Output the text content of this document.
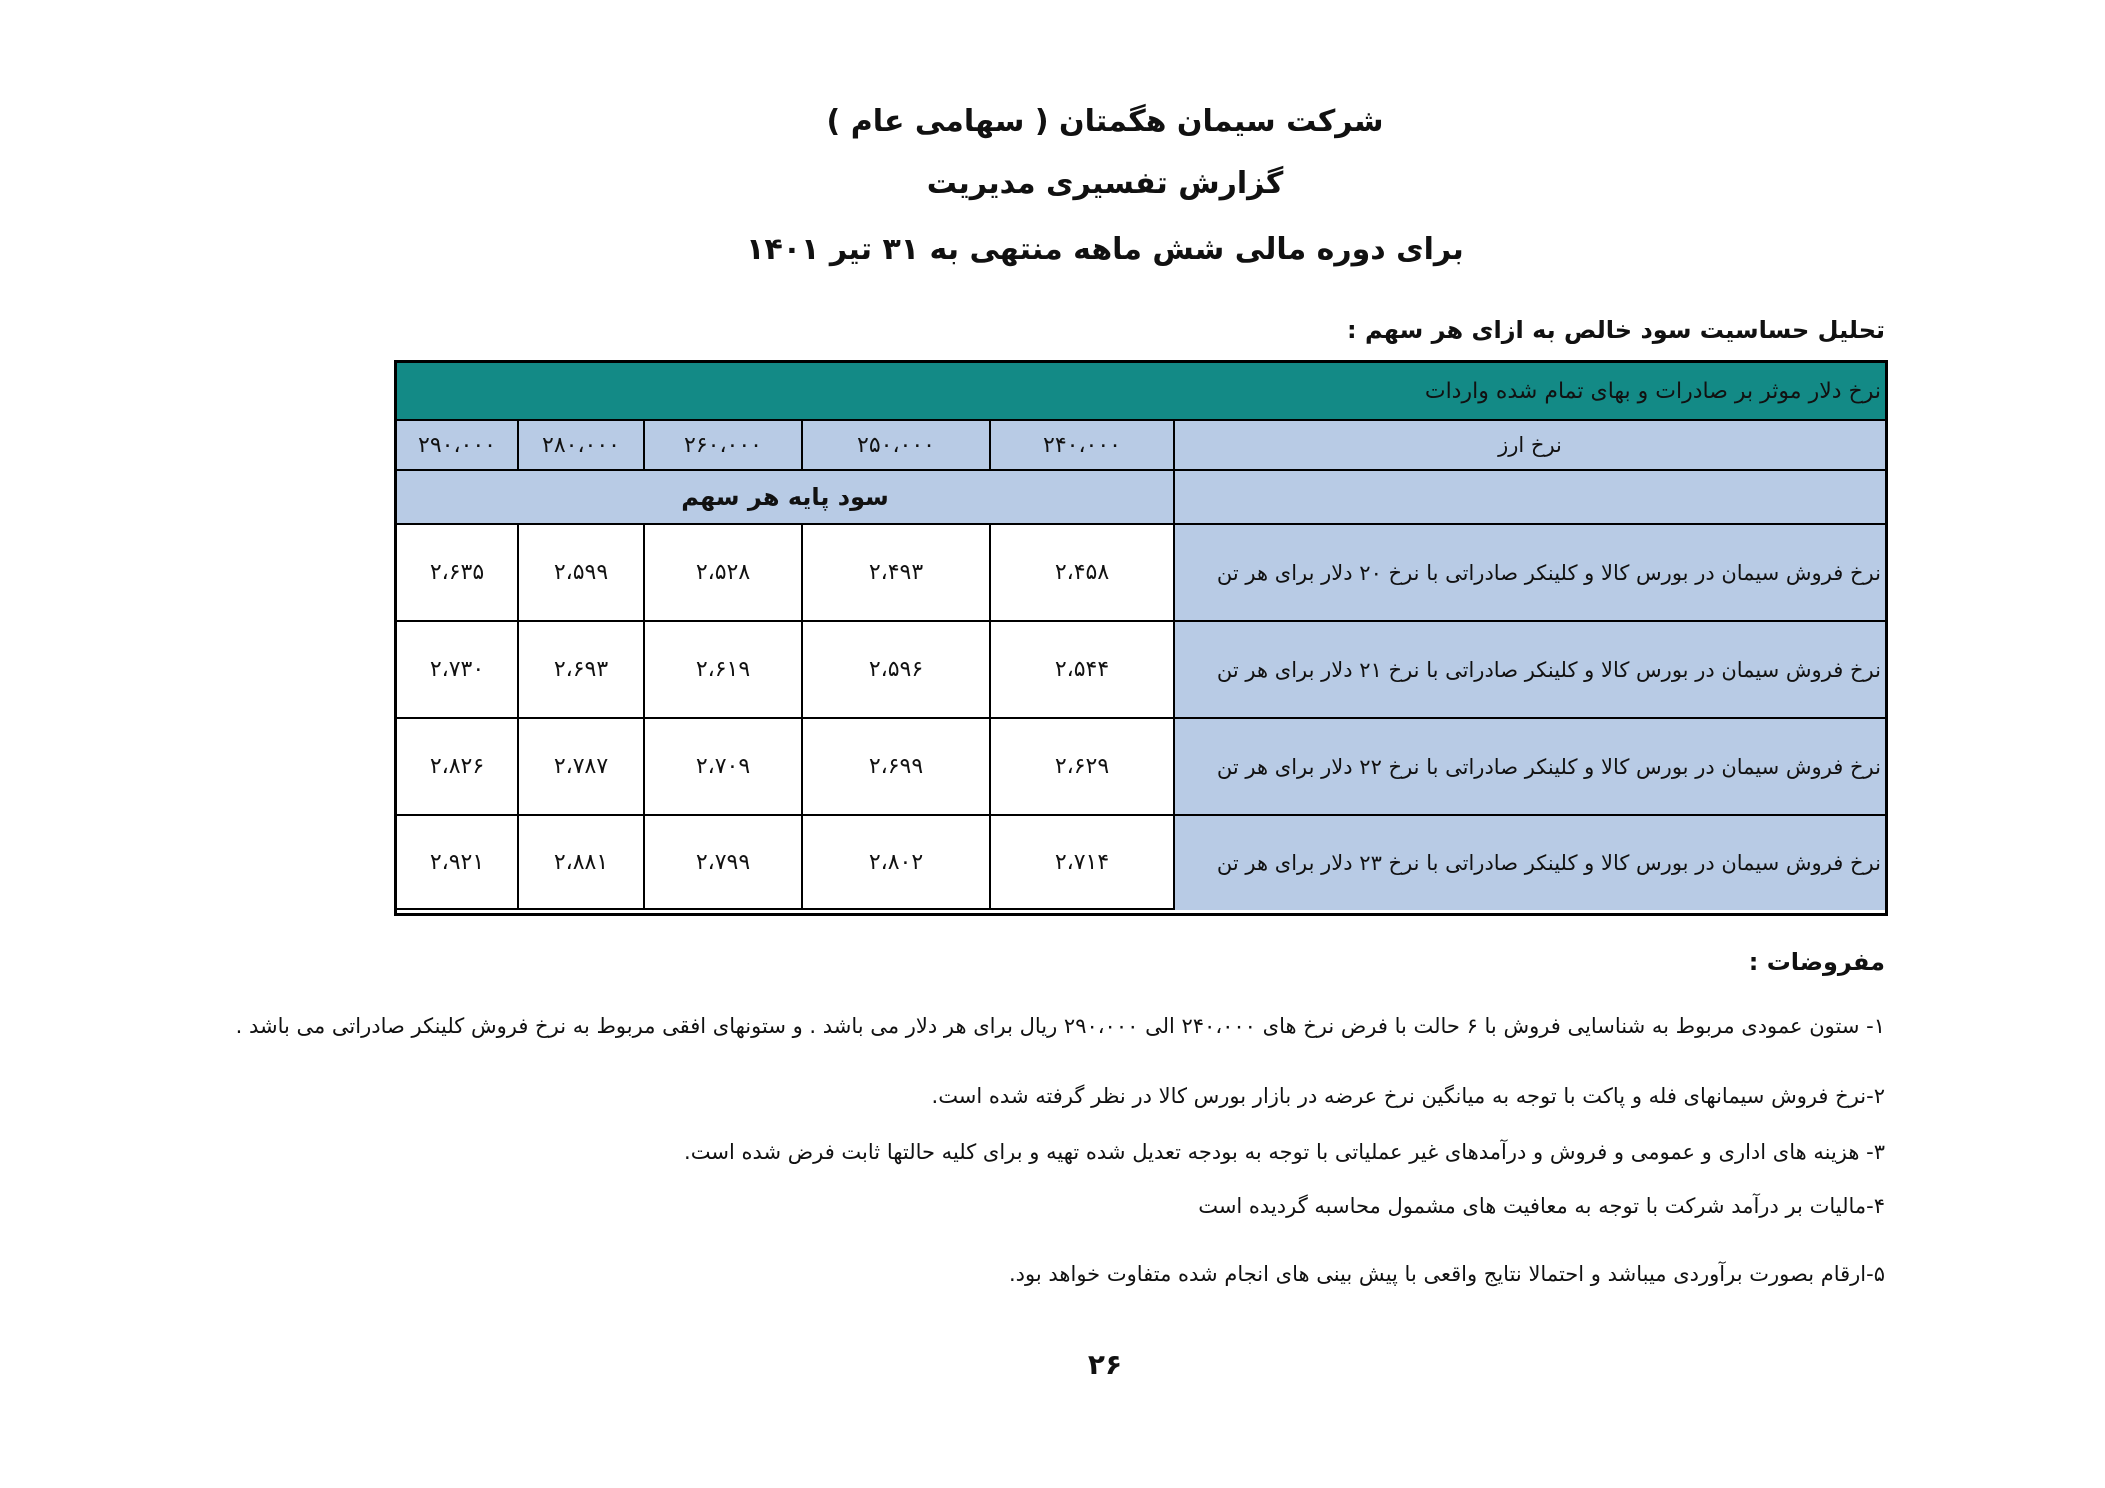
شرکت سیمان هگمتان ( سهامی عام )
گزارش تفسیری مدیریت
برای دوره مالی شش ماهه منتهی به ۳۱ تیر ۱۴۰۱
تحلیل حساسیت سود خالص به ازای هر سهم :
نرخ دلار موثر بر صادرات و بهای تمام شده واردات
نرخ ارز
۲۴۰،۰۰۰
۲۵۰،۰۰۰
۲۶۰،۰۰۰
۲۸۰،۰۰۰
۲۹۰،۰۰۰
سود پایه هر سهم
نرخ فروش سیمان در بورس کالا و کلینکر صادراتی با نرخ ۲۰ دلار برای هر تن
۲،۴۵۸
۲،۴۹۳
۲،۵۲۸
۲،۵۹۹
۲،۶۳۵
نرخ فروش سیمان در بورس کالا و کلینکر صادراتی با نرخ ۲۱ دلار برای هر تن
۲،۵۴۴
۲،۵۹۶
۲،۶۱۹
۲،۶۹۳
۲،۷۳۰
نرخ فروش سیمان در بورس کالا و کلینکر صادراتی با نرخ ۲۲ دلار برای هر تن
۲،۶۲۹
۲،۶۹۹
۲،۷۰۹
۲،۷۸۷
۲،۸۲۶
نرخ فروش سیمان در بورس کالا و کلینکر صادراتی با نرخ ۲۳ دلار برای هر تن
۲،۷۱۴
۲،۸۰۲
۲،۷۹۹
۲،۸۸۱
۲،۹۲۱
مفروضات :
۱- ستون عمودی مربوط به شناسایی فروش با ۶ حالت با فرض نرخ های ۲۴۰،۰۰۰ الی ۲۹۰،۰۰۰ ریال برای هر دلار می باشد . و ستونهای افقی مربوط به نرخ فروش کلینکر صادراتی می باشد .
۲-نرخ فروش سیمانهای فله و پاکت با توجه به میانگین نرخ عرضه در بازار بورس کالا در نظر گرفته شده است.
۳- هزینه های اداری و عمومی و فروش و درآمدهای غیر عملیاتی با توجه به بودجه تعدیل شده تهیه و برای کلیه حالتها ثابت فرض شده است.
۴-مالیات بر درآمد شرکت با توجه به معافیت های مشمول محاسبه گردیده است
۵-ارقام بصورت برآوردی میباشد و احتمالا نتایج واقعی با پیش بینی های انجام شده متفاوت خواهد بود.
۲۶
